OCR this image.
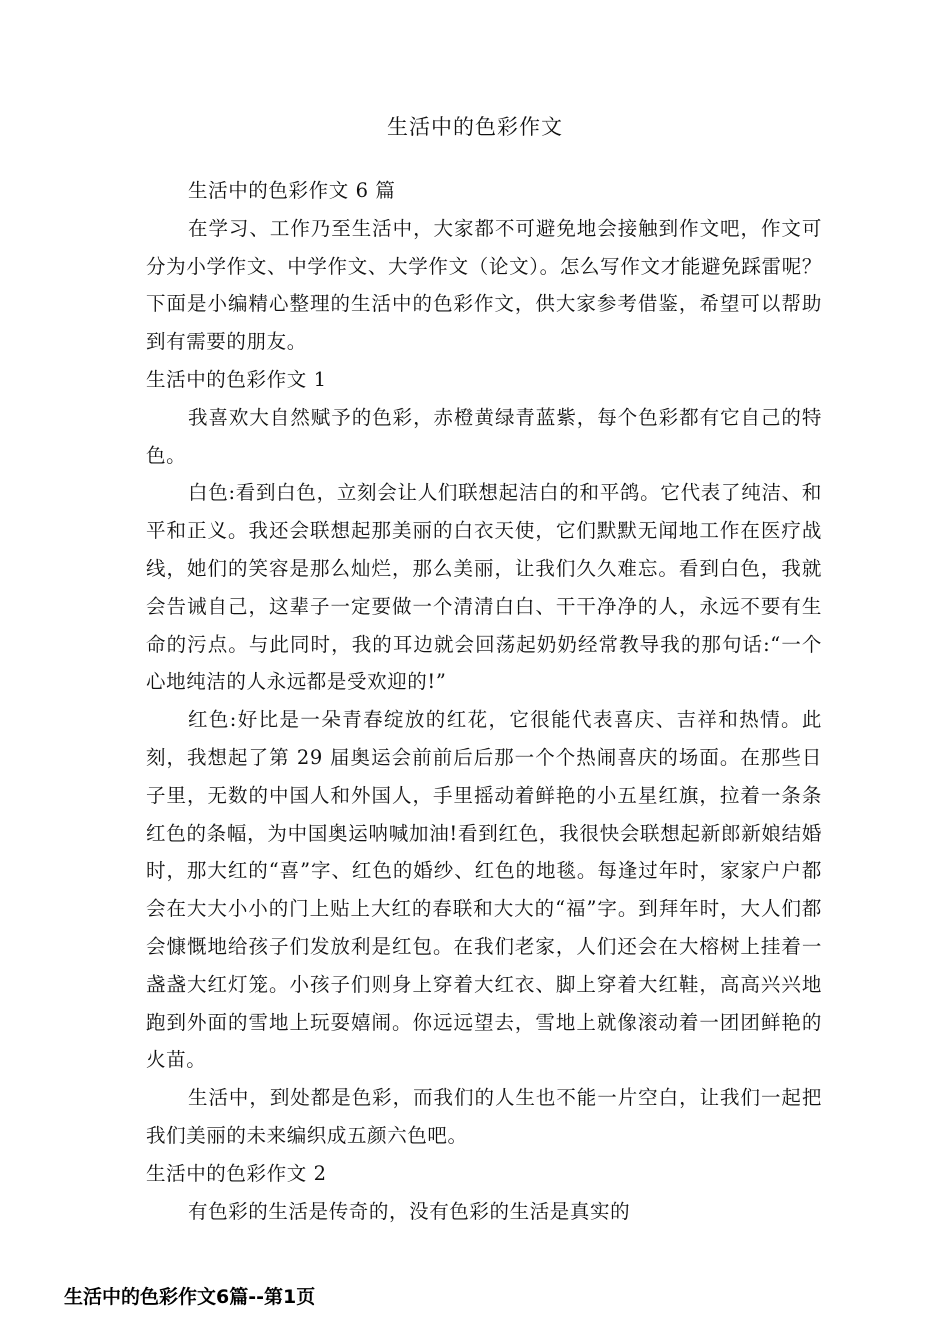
生活中的色彩作文

生活中的色彩作文 6 篇

在学习、工作乃至生活中，大家都不可避免地会接触到作文吧，作文可分为小学作文、中学作文、大学作文（论文）。怎么写作文才能避免踩雷呢？下面是小编精心整理的生活中的色彩作文，供大家参考借鉴，希望可以帮助到有需要的朋友。

生活中的色彩作文 1

我喜欢大自然赋予的色彩，赤橙黄绿青蓝紫，每个色彩都有它自己的特色。

白色:看到白色，立刻会让人们联想起洁白的和平鸽。它代表了纯洁、和平和正义。我还会联想起那美丽的白衣天使，它们默默无闻地工作在医疗战线，她们的笑容是那么灿烂，那么美丽，让我们久久难忘。看到白色，我就会告诫自己，这辈子一定要做一个清清白白、干干净净的人，永远不要有生命的污点。与此同时，我的耳边就会回荡起奶奶经常教导我的那句话:“一个心地纯洁的人永远都是受欢迎的!”

红色:好比是一朵青春绽放的红花，它很能代表喜庆、吉祥和热情。此刻，我想起了第 29 届奥运会前前后后那一个个热闹喜庆的场面。在那些日子里，无数的中国人和外国人，手里摇动着鲜艳的小五星红旗，拉着一条条红色的条幅，为中国奥运呐喊加油!看到红色，我很快会联想起新郎新娘结婚时，那大红的“喜”字、红色的婚纱、红色的地毯。每逢过年时，家家户户都会在大大小小的门上贴上大红的春联和大大的“福”字。到拜年时，大人们都会慷慨地给孩子们发放利是红包。在我们老家，人们还会在大榕树上挂着一盏盏大红灯笼。小孩子们则身上穿着大红衣、脚上穿着大红鞋，高高兴兴地跑到外面的雪地上玩耍嬉闹。你远远望去，雪地上就像滚动着一团团鲜艳的火苗。

生活中，到处都是色彩，而我们的人生也不能一片空白，让我们一起把我们美丽的未来编织成五颜六色吧。

生活中的色彩作文 2

有色彩的生活是传奇的，没有色彩的生活是真实的

生活中的色彩作文6篇--第1页
